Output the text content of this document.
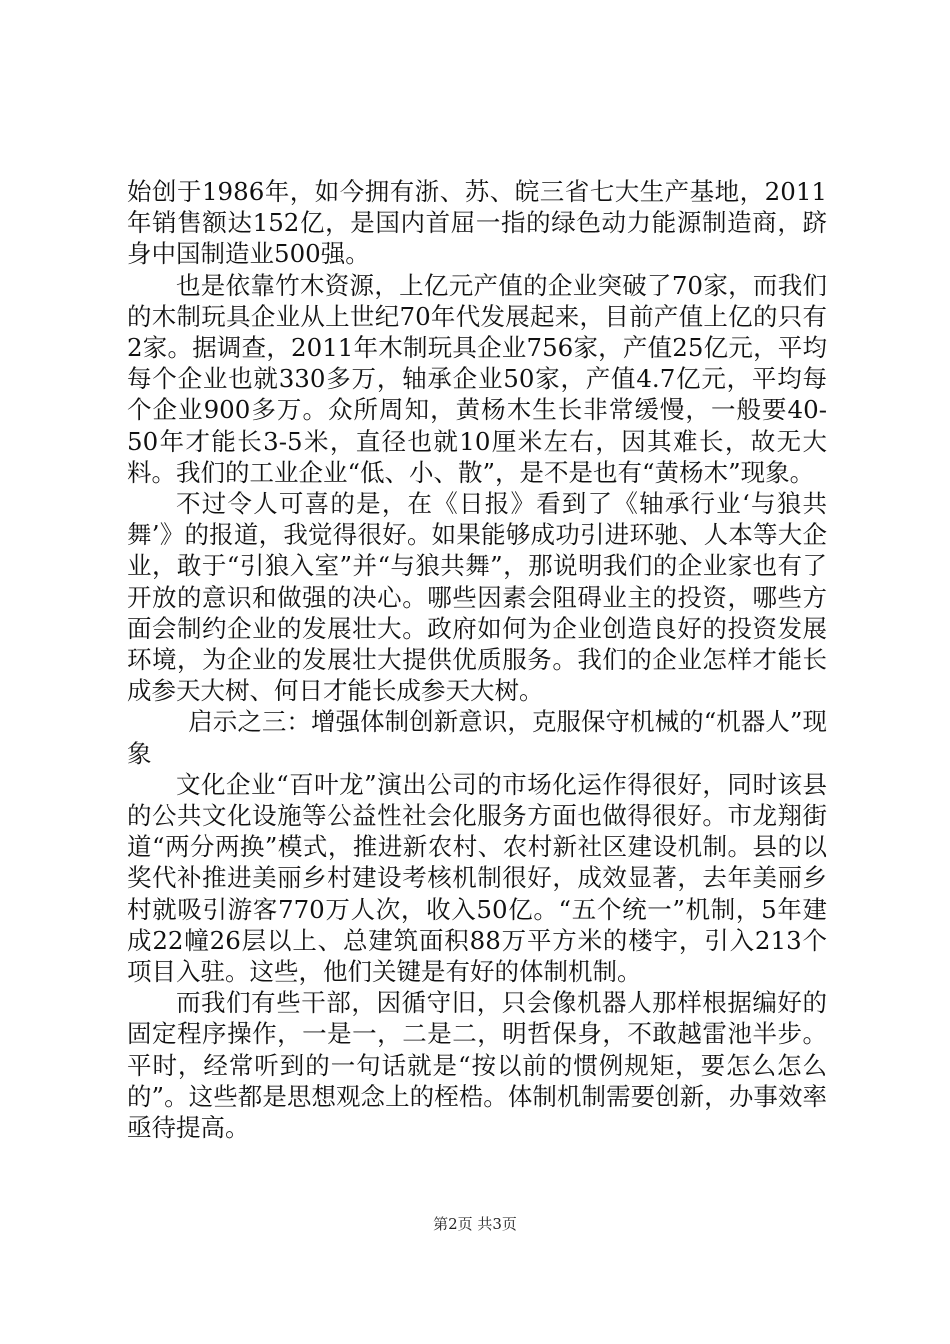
始创于1986年，如今拥有浙、苏、皖三省七大生产基地，2011年销售额达152亿，是国内首屈一指的绿色动力能源制造商，跻身中国制造业500强。

也是依靠竹木资源，上亿元产值的企业突破了70家，而我们的木制玩具企业从上世纪70年代发展起来，目前产值上亿的只有2家。据调查，2011年木制玩具企业756家，产值25亿元，平均每个企业也就330多万，轴承企业50家，产值4.7亿元，平均每个企业900多万。众所周知，黄杨木生长非常缓慢，一般要40-50年才能长3-5米，直径也就10厘米左右，因其难长，故无大料。我们的工业企业“低、小、散”，是不是也有“黄杨木”现象。

不过令人可喜的是，在《日报》看到了《轴承行业‘与狼共舞’》的报道，我觉得很好。如果能够成功引进环驰、人本等大企业，敢于“引狼入室”并“与狼共舞”，那说明我们的企业家也有了开放的意识和做强的决心。哪些因素会阻碍业主的投资，哪些方面会制约企业的发展壮大。政府如何为企业创造良好的投资发展环境，为企业的发展壮大提供优质服务。我们的企业怎样才能长成参天大树、何日才能长成参天大树。

启示之三：增强体制创新意识，克服保守机械的“机器人”现象

文化企业“百叶龙”演出公司的市场化运作得很好，同时该县的公共文化设施等公益性社会化服务方面也做得很好。市龙翔街道“两分两换”模式，推进新农村、农村新社区建设机制。县的以奖代补推进美丽乡村建设考核机制很好，成效显著，去年美丽乡村就吸引游客770万人次，收入50亿。“五个统一”机制，5年建成22幢26层以上、总建筑面积88万平方米的楼宇，引入213个项目入驻。这些，他们关键是有好的体制机制。

而我们有些干部，因循守旧，只会像机器人那样根据编好的固定程序操作，一是一，二是二，明哲保身，不敢越雷池半步。平时，经常听到的一句话就是“按以前的惯例规矩，要怎么怎么的”。这些都是思想观念上的桎梏。体制机制需要创新，办事效率亟待提高。

第2页 共3页
